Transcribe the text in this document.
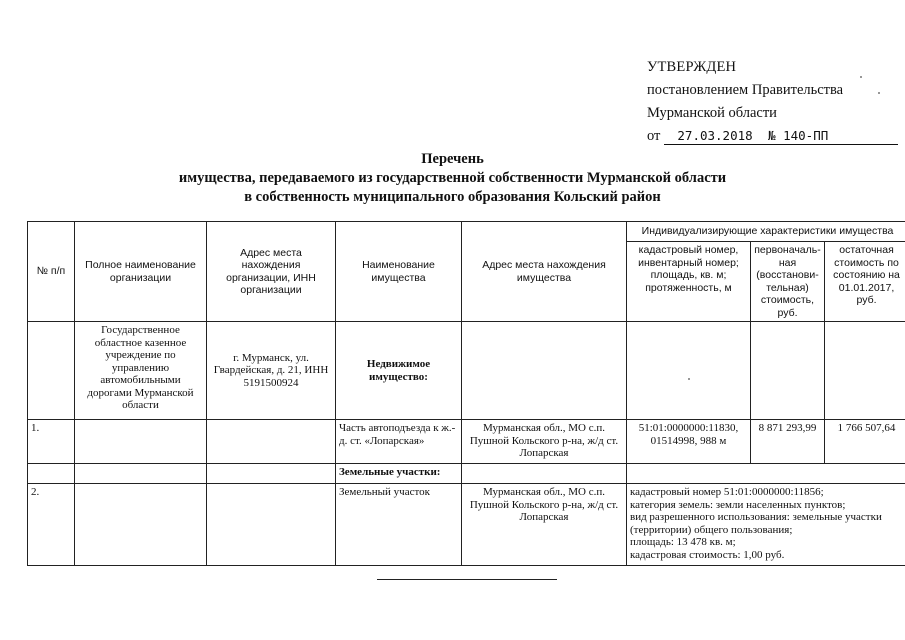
УТВЕРЖДЕН
постановлением Правительства
Мурманской области
от 27.03.2018 № 140-ПП
Перечень
имущества, передаваемого из государственной собственности Мурманской области
в собственность муниципального образования Кольский район
№ п/п	Полное наименование организации	Адрес места нахождения организации, ИНН организации	Наименование имущества	Адрес места нахождения имущества	Индивидуализирующие характеристики имущества		
					кадастровый номер, инвентарный номер; площадь, кв. м; протяженность, м	первоначаль-ная (восстанови-тельная) стоимость, руб.	остаточная стоимость по состоянию на 01.01.2017, руб.
	Государственное областное казенное учреждение по управлению автомобильными дорогами Мурманской области	г. Мурманск, ул. Гвардейская, д. 21, ИНН 5191500924	Недвижимое имущество:				
1.			Часть автоподъезда к ж.-д. ст. «Лопарская»	Мурманская обл., МО с.п. Пушной Кольского р-на, ж/д ст. Лопарская	51:01:0000000:11830, 01514998, 988 м	8 871 293,99	1 766 507,64
			Земельные участки:				
2.			Земельный участок	Мурманская обл., МО с.п. Пушной Кольского р-на, ж/д ст. Лопарская	кадастровый номер 51:01:0000000:11856;
категория земель: земли населенных пунктов;
вид разрешенного использования: земельные участки (территории) общего пользования;
площадь: 13 478 кв. м;
кадастровая стоимость: 1,00 руб.		
